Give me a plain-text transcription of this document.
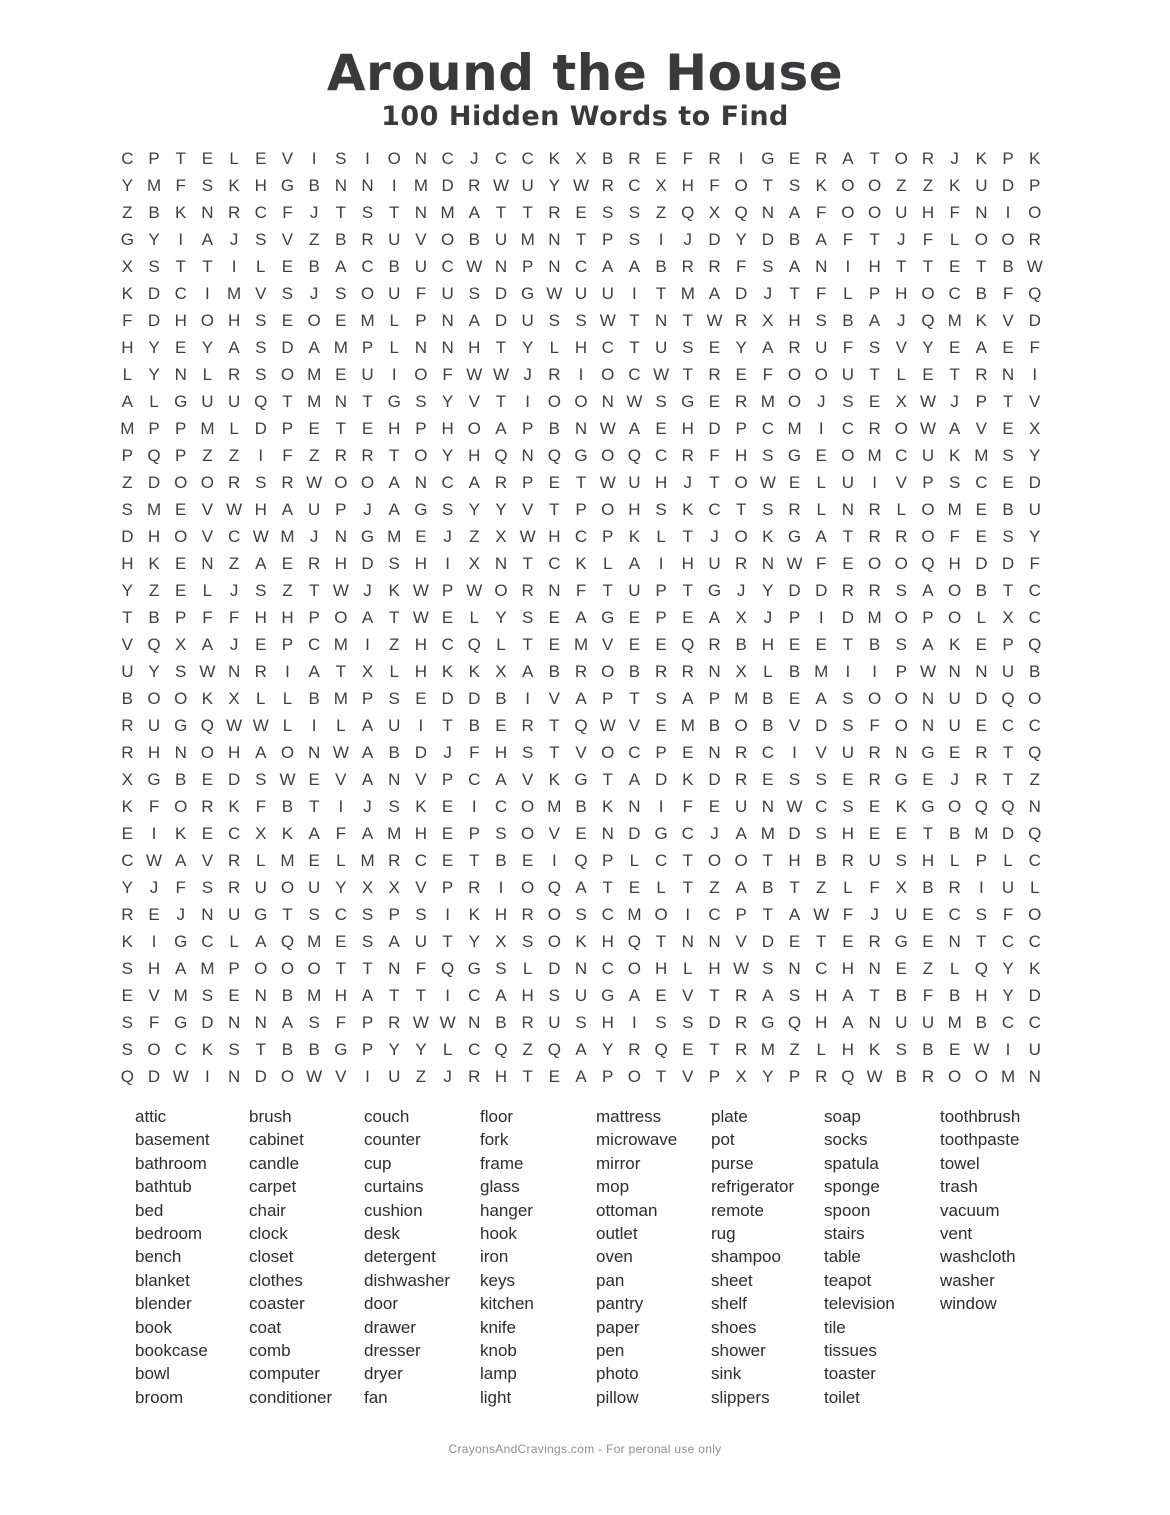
Around the House
100 Hidden Words to Find
C P T E L E V	I	S	I	O N C J C C K X B R E F R	I	G E R A T O R J K P K
Y M F S K H G B N N	I	M D R W U Y W R C X H F O T S K O O Z Z K U D P
Z B K N R C F	J	T S T N M A T T R E S S Z Q X Q N A F O O U H F N	I	O
G Y	I	A J S V Z B R U V O B U M N T P S	I	J D Y D B A F T	J	F L O O R
X S T T	I	L E B A C B U C W N P N C A A B R R F S A N	I	H T T E T B W
K D C	I	M V S J S O U F U S D G W U U	I	T M A D J	T F L P H O C B F Q
F D H O H S E O E M L P N A D U S S W T N T W R X H S B A J Q M K V D
H Y E Y A S D A M P L N N H T Y L H C T U S E Y A R U F S V Y E A E F
L Y N L R S O M E U	I	O F W W J R	I	O C W T R E F O O U T L E T R N	I
A L G U U Q T M N T G S Y V T	I	O O N W S G E R M O J S E X W J P T V
M P P M L D P E T E H P H O A P B N W A E H D P C M	I	C R O W A V E X
P Q P Z Z	I	F Z R R T O Y H Q N Q G O Q C R F H S G E O M C U K M S Y
Z D O O R S R W O O A N C A R P E T W U H J	T O W E L U	I	V P S C E D
S M E V W H A U P J A G S Y Y V T P O H S K C T S R L N R L O M E B U
D H O V C W M J N G M E J	Z X W H C P K L T	J O K G A T R R O F E S Y
H K E N Z A E R H D S H	I	X N T C K L A	I	H U R N W F E O O Q H D D F
Y Z E L	J S Z T W J K W P W O R N F T U P T G J Y D D R R S A O B T C
T B P F F H H P O A T W E L Y S E A G E P E A X J P	I	D M O P O L X C
V Q X A J E P C M	I	Z H C Q L T E M V E E Q R B H E E T B S A K E P Q
U Y S W N R	I	A T X L H K K X A B R O B R R N X L B M	I	I	P W N N U B
B O O K X L	L B M P S E D D B	I	V A P T S A P M B E A S O O N U D Q O
R U G Q W W L	I	L A U	I	T B E R T Q W V E M B O B V D S F O N U E C C
R H N O H A O N W A B D J	F H S T V O C P E N R C	I	V U R N G E R T Q
X G B E D S W E V A N V P C A V K G T A D K D R E S S E R G E J R T Z
K F O R K F B T	I	J S K E	I	C O M B K N	I	F E U N W C S E K G O Q Q N
E	I	K E C X K A F A M H E P S O V E N D G C J A M D S H E E T B M D Q
C W A V R L M E L M R C E T B E	I	Q P L C T O O T H B R U S H L P L C
Y J	F S R U O U Y X X V P R	I	O Q A T E L T Z A B T Z L F X B R	I	U L
R E J N U G T S C S P S	I	K H R O S C M O	I	C P T A W F	J U E C S F O
K	I	G C L A Q M E S A U T Y X S O K H Q T N N V D E T E R G E N T C C
S H A M P O O O T T N F Q G S L D N C O H L H W S N C H N E Z L Q Y K
E V M S E N B M H A T T	I	C A H S U G A E V T R A S H A T B F B H Y D
S F G D N N A S F P R W W N B R U S H	I	S S D R G Q H A N U U M B C C
S O C K S T B B G P Y Y L C Q Z Q A Y R Q E T R M Z L H K S B E W I	U
Q D W I	N D O W V	I	U Z	J R H T E A P O T V P X Y P R Q W B R O O M N
attic
basement
bathroom
bathtub
bed
bedroom
bench
blanket
blender
book
bookcase
bowl
broom
brush
cabinet
candle
carpet
chair
clock
closet
clothes
coaster
coat
comb
computer
conditioner
couch
counter
cup
curtains
cushion
desk
detergent
dishwasher
door
drawer
dresser
dryer
fan
floor
fork
frame
glass
hanger
hook
iron
keys
kitchen
knife
knob
lamp
light
mattress
microwave
mirror
mop
ottoman
outlet
oven
pan
pantry
paper
pen
photo
pillow
plate
pot
purse
refrigerator
remote
rug
shampoo
sheet
shelf
shoes
shower
sink
slippers
soap
socks
spatula
sponge
spoon
stairs
table
teapot
television
tile
tissues
toaster
toilet
toothbrush
toothpaste
towel
trash
vacuum
vent
washcloth
washer
window
CrayonsAndCravings.com - For peronal use only
